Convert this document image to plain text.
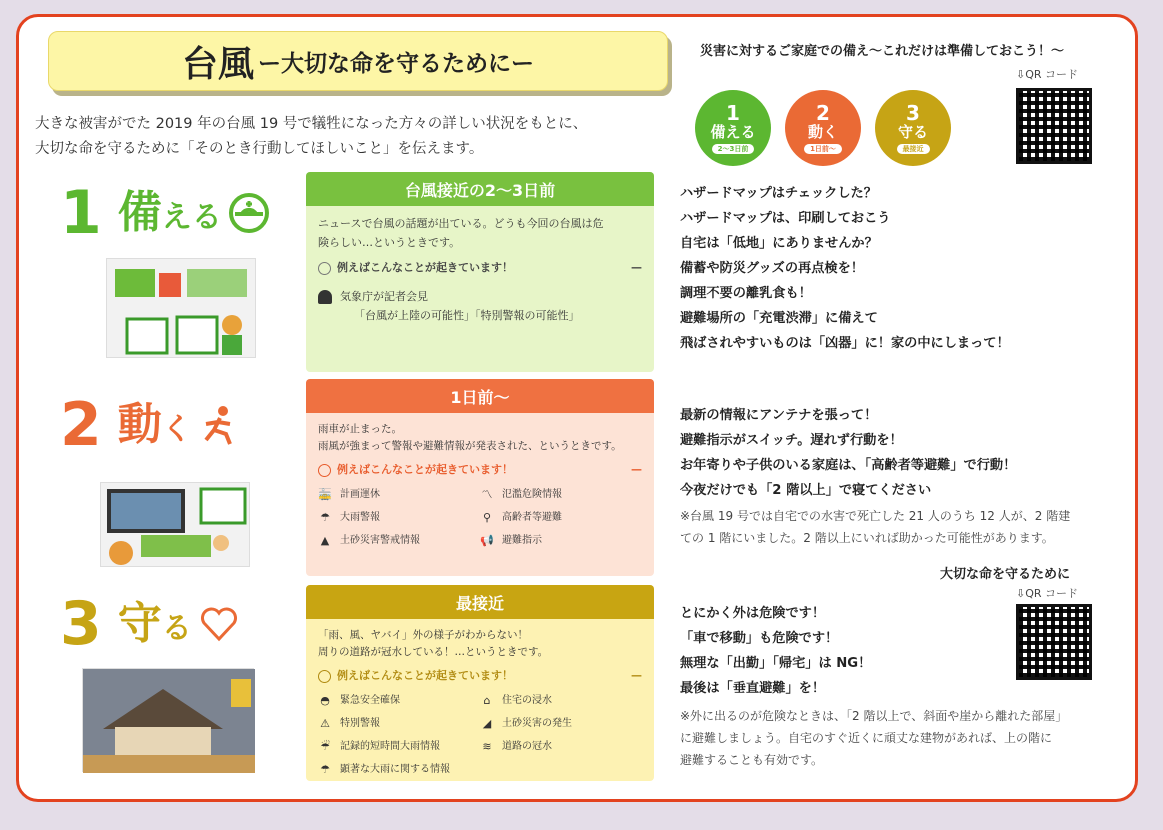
台風 ー大切な命を守るためにー
大きな被害がでた 2019 年の台風 19 号で犠牲になった方々の詳しい状況をもとに、
大切な命を守るために「そのとき行動してほしいこと」を伝えます。
1 備える
2 動く
3 守る
台風接近の2～3日前
ニュースで台風の話題が出ている。どうも今回の台風は危
険らしい…というときです。
例えばこんなことが起きています！	—
気象庁が記者会見
「台風が上陸の可能性」「特別警報の可能性」
1日前～
雨車が止まった。
雨風が強まって警報や避難情報が発表された、というときです。
例えばこんなことが起きています！	—
🚋 計画運休	〽 氾濫危険情報
☂ 大雨警報	⚲ 高齢者等避難
▲ 土砂災害警戒情報	📢 避難指示
最接近
「雨、風、ヤバイ」外の様子がわからない！
周りの道路が冠水している！…というときです。
例えばこんなことが起きています！	—
◓ 緊急安全確保	⌂	住宅の浸水
⚠ 特別警報	◢ 土砂災害の発生
☔ 記録的短時間大雨情報	≋ 道路の冠水
☂ 顕著な大雨に関する情報
災害に対するご家庭での備え～これだけは準備しておこう！～
⇩QR コード
1
備える
2～3日前
2
動く
1日前～
3
守る
最接近
ハザードマップはチェックした？
ハザードマップは、印刷しておこう
自宅は「低地」にありませんか？
備蓄や防災グッズの再点検を！
調理不要の離乳食も！
避難場所の「充電渋滞」に備えて
飛ばされやすいものは「凶器」に！家の中にしまって！
最新の情報にアンテナを張って！
避難指示がスイッチ。遅れず行動を！
お年寄りや子供のいる家庭は、「高齢者等避難」で行動！
今夜だけでも「2 階以上」で寝てください
※台風 19 号では自宅での水害で死亡した 21 人のうち 12 人が、2 階建
ての 1 階にいました。2 階以上にいれば助かった可能性があります。
大切な命を守るために
⇩QR コード
とにかく外は危険です！
「車で移動」も危険です！
無理な「出勤」「帰宅」は NG！
最後は「垂直避難」を！
※外に出るのが危険なときは、「2 階以上で、斜面や崖から離れた部屋」
に避難しましょう。自宅のすぐ近くに頑丈な建物があれば、上の階に
避難することも有効です。
